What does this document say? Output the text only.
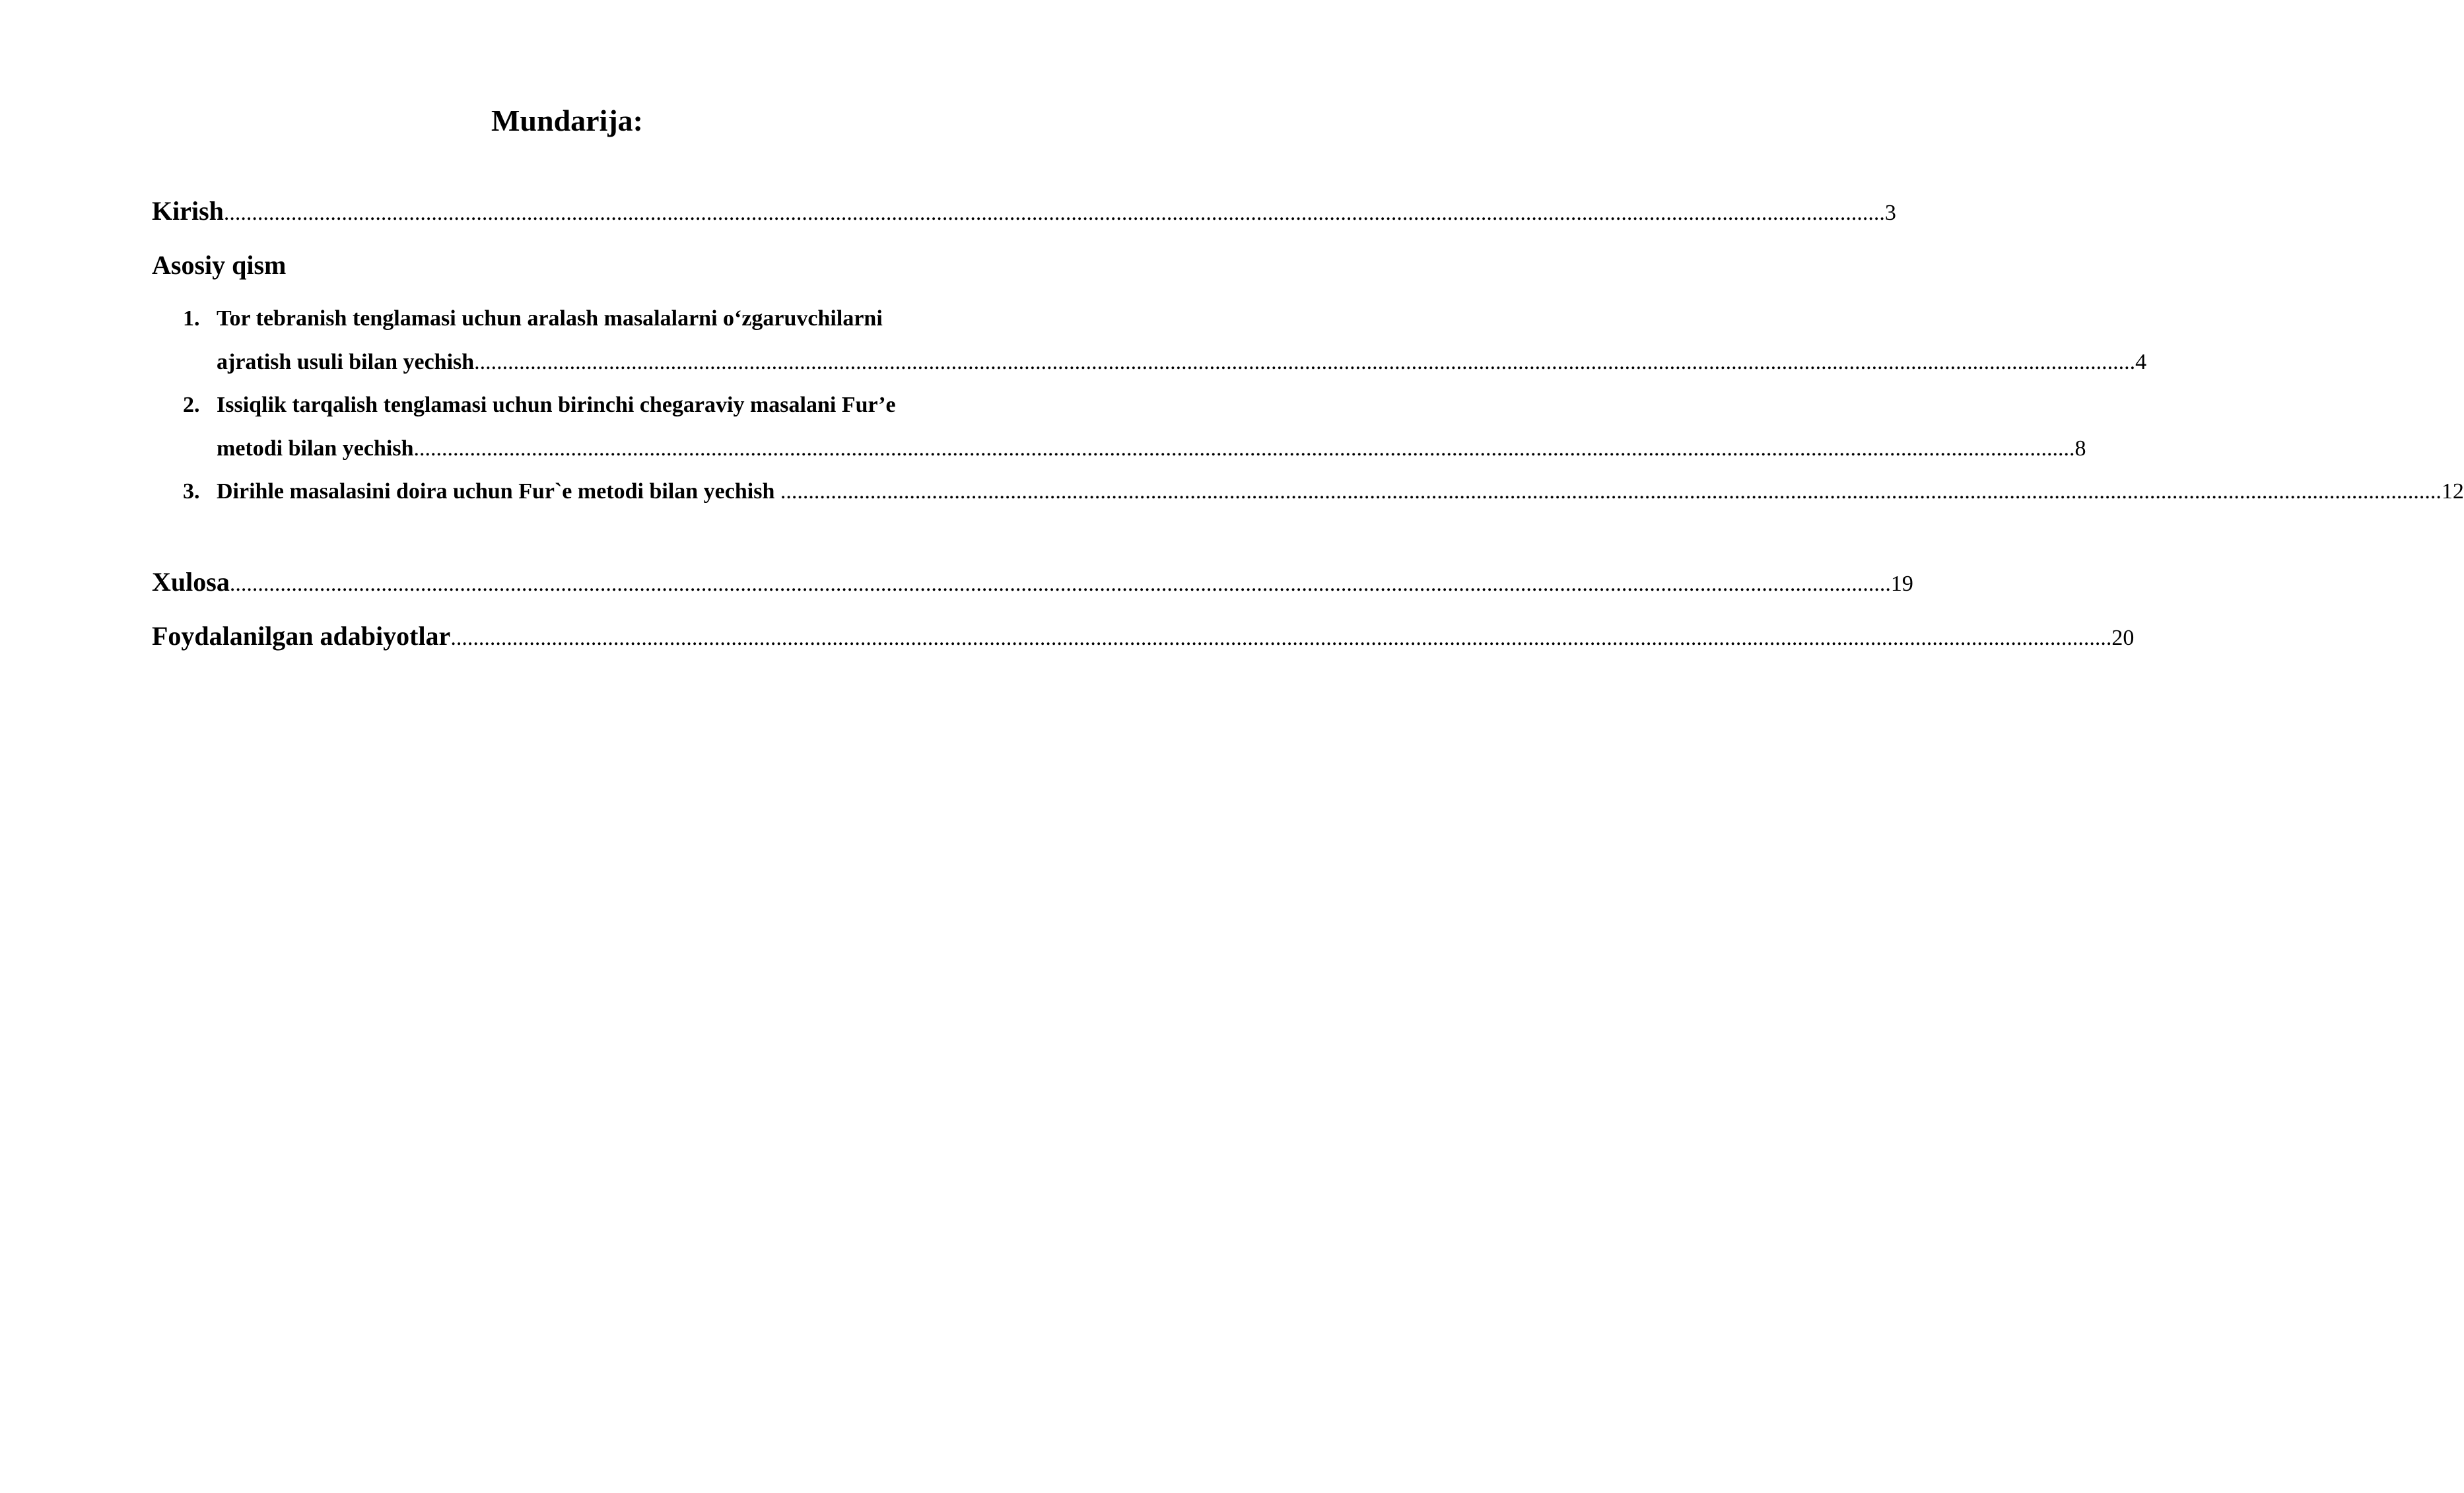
Mundarija:
Kirish ........................................................................................................................................................................................................................................................................................................ 3
Asosiy qism
1. Tor tebranish tenglamasi uchun aralash masalalarni o‘zgaruvchilarni
ajratish usuli bilan yechish ........................................................................................................................................................................................................................................................................................................ 4
2. Issiqlik tarqalish tenglamasi uchun birinchi chegaraviy masalani Fur’e
metodi bilan yechish ........................................................................................................................................................................................................................................................................................................ 8
3. Dirihle masalasini doira uchun Fur`e metodi bilan yechish ........................................................................................................................................................................................................................................................................................................ 12
Xulosa ........................................................................................................................................................................................................................................................................................................ 19
Foydalanilgan adabiyotlar ........................................................................................................................................................................................................................................................................................................ 20
